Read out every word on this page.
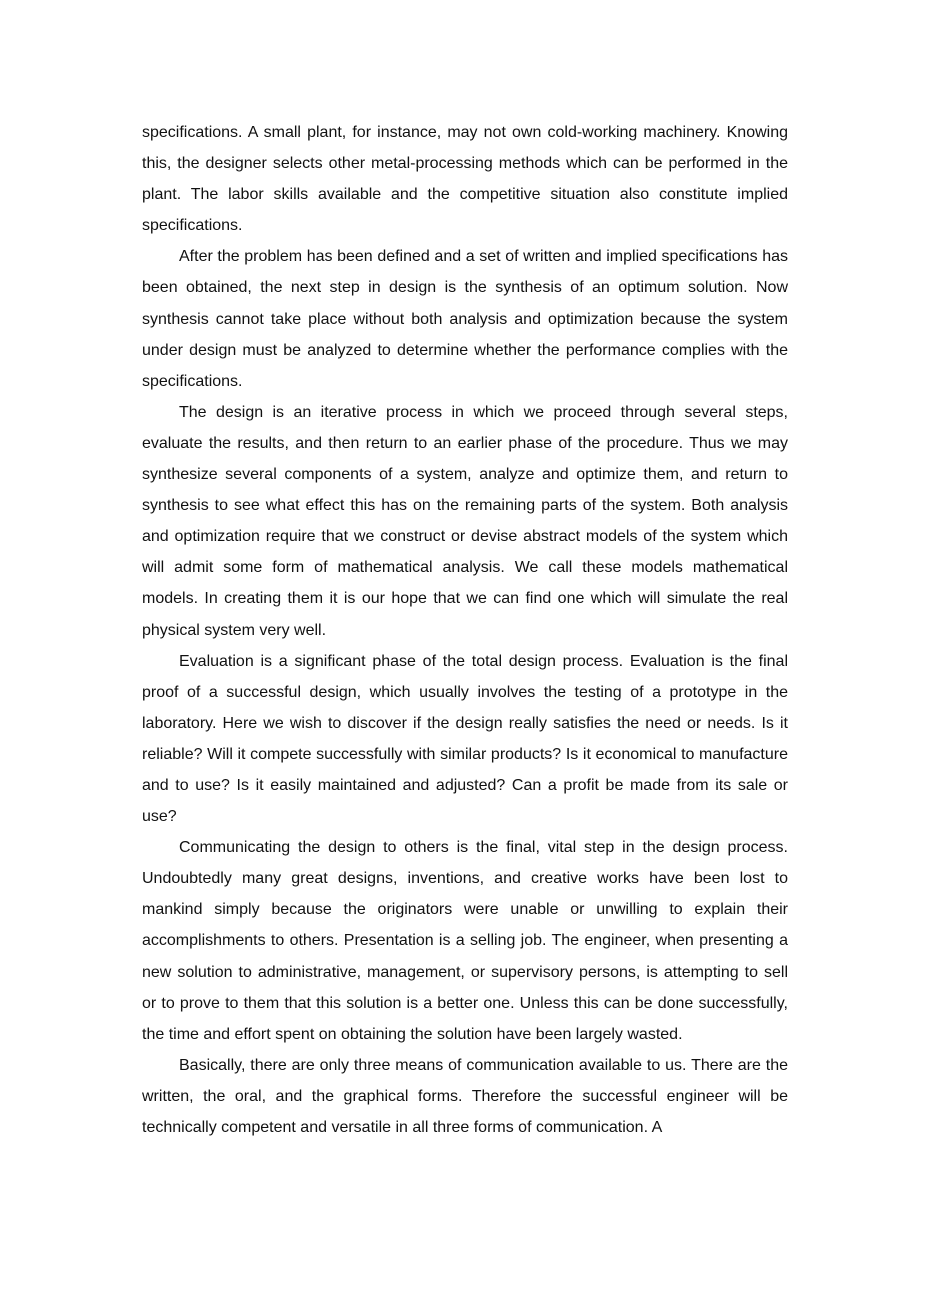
specifications. A small plant, for instance, may not own cold-working machinery. Knowing this, the designer selects other metal-processing methods which can be performed in the plant. The labor skills available and the competitive situation also constitute implied specifications.

After the problem has been defined and a set of written and implied specifications has been obtained, the next step in design is the synthesis of an optimum solution. Now synthesis cannot take place without both analysis and optimization because the system under design must be analyzed to determine whether the performance complies with the specifications.

The design is an iterative process in which we proceed through several steps, evaluate the results, and then return to an earlier phase of the procedure. Thus we may synthesize several components of a system, analyze and optimize them, and return to synthesis to see what effect this has on the remaining parts of the system. Both analysis and optimization require that we construct or devise abstract models of the system which will admit some form of mathematical analysis. We call these models mathematical models. In creating them it is our hope that we can find one which will simulate the real physical system very well.

Evaluation is a significant phase of the total design process. Evaluation is the final proof of a successful design, which usually involves the testing of a prototype in the laboratory. Here we wish to discover if the design really satisfies the need or needs. Is it reliable? Will it compete successfully with similar products? Is it economical to manufacture and to use? Is it easily maintained and adjusted? Can a profit be made from its sale or use?

Communicating the design to others is the final, vital step in the design process. Undoubtedly many great designs, inventions, and creative works have been lost to mankind simply because the originators were unable or unwilling to explain their accomplishments to others. Presentation is a selling job. The engineer, when presenting a new solution to administrative, management, or supervisory persons, is attempting to sell or to prove to them that this solution is a better one. Unless this can be done successfully, the time and effort spent on obtaining the solution have been largely wasted.

Basically, there are only three means of communication available to us. There are the written, the oral, and the graphical forms. Therefore the successful engineer will be technically competent and versatile in all three forms of communication. A
